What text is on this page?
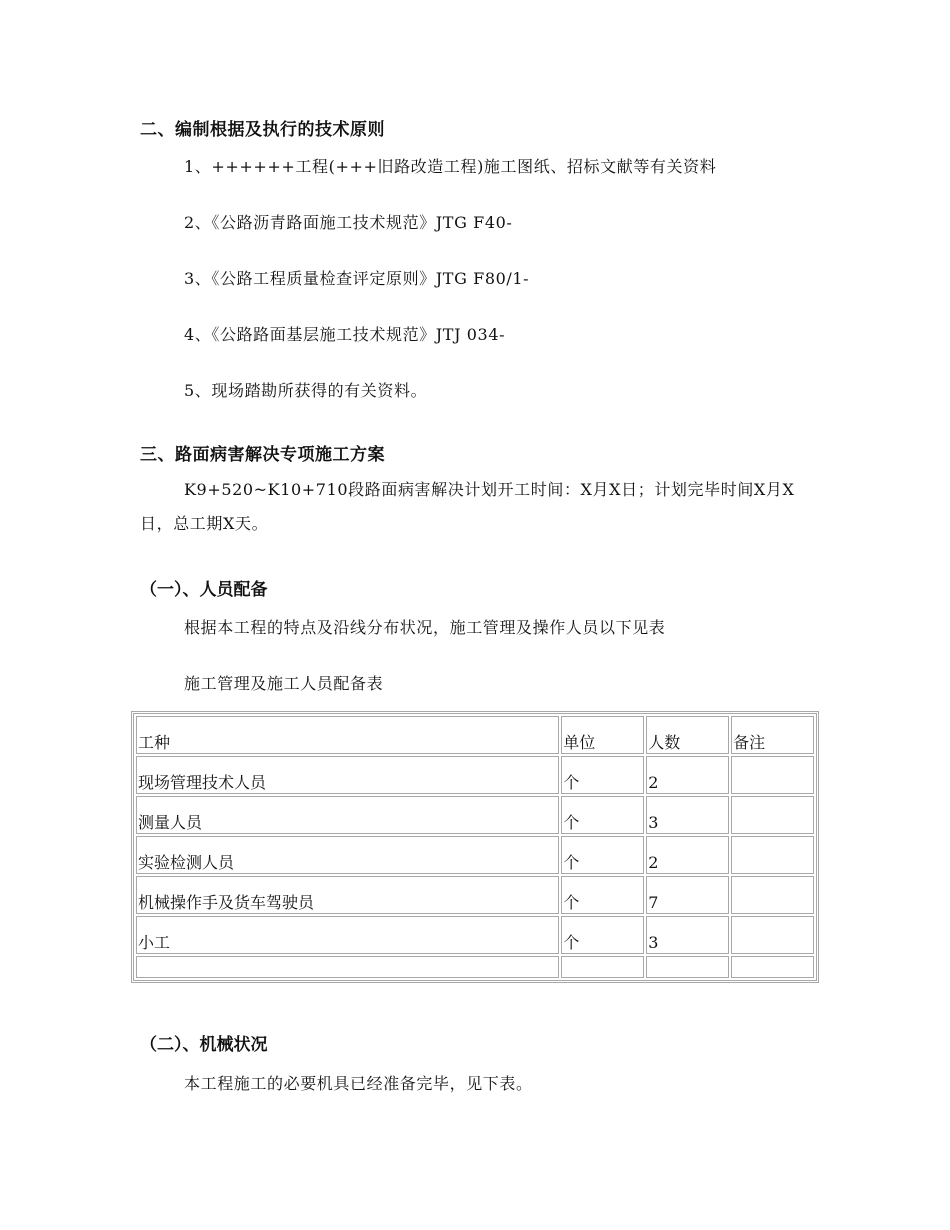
二、编制根据及执行的技术原则
1、++++++工程(+++旧路改造工程)施工图纸、招标文献等有关资料
2、《公路沥青路面施工技术规范》JTG F40-
3、《公路工程质量检查评定原则》JTG F80/1-
4、《公路路面基层施工技术规范》JTJ 034-
5、现场踏勘所获得的有关资料。
三、路面病害解决专项施工方案
K9+520~K10+710段路面病害解决计划开工时间：X月X日；计划完毕时间X月X日，总工期X天。
（一）、人员配备
根据本工程的特点及沿线分布状况，施工管理及操作人员以下见表
施工管理及施工人员配备表
工种	单位	人数	备注
现场管理技术人员	个	2	
测量人员	个	3	
实验检测人员	个	2	
机械操作手及货车驾驶员	个	7	
小工	个	3	

（二）、机械状况
本工程施工的必要机具已经准备完毕，见下表。
